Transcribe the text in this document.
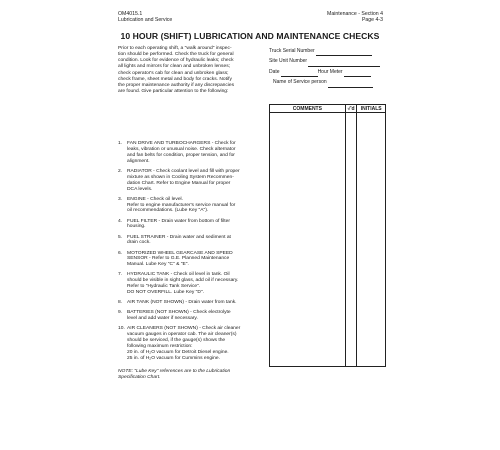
OM4015.1
Lubrication and Service
Maintenance - Section 4
Page 4-3
10 HOUR (SHIFT) LUBRICATION AND MAINTENANCE CHECKS
Prior to each operating shift, a "walk around" inspec-
tion should be performed. Check the truck for general
condition. Look for evidence of hydraulic leaks; check
all lights and mirrors for clean and unbroken lenses;
check operator's cab for clean and unbroken glass;
check frame, sheet metal and body for cracks. Notify
the proper maintenance authority if any discrepancies
are found. Give particular attention to the following:
1. FAN DRIVE AND TURBOCHARGERS - Check for
leaks, vibration or unusual noise. Check alternator
and fan belts for condition, proper tension, and for
alignment.
2. RADIATOR - Check coolant level and fill with proper
mixture as shown in Cooling System Recommen-
dation Chart. Refer to Engine Manual for proper
DCA levels.
3. ENGINE - Check oil level.
Refer to engine manufacturer's service manual for
oil recommendations. (Lube Key "A").
4. FUEL FILTER - Drain water from bottom of filter
housing.
5. FUEL STRAINER - Drain water and sediment at
drain cock.
6. MOTORIZED WHEEL GEARCASE AND SPEED
SENSOR - Refer to G.E. Planned Maintenance
Manual. Lube Key "C" & "E".
7. HYDRAULIC TANK - Check oil level in tank. Oil
should be visible in sight glass, add oil if necessary.
Refer to "Hydraulic Tank Service".
DO NOT OVERFILL. Lube Key "D".
8. AIR TANK (NOT SHOWN) - Drain water from tank.
9. BATTERIES (NOT SHOWN) - Check electrolyte
level and add water if necessary.
10. AIR CLEANERS (NOT SHOWN) - Check air cleaner
vacuum gauges in operator cab. The air cleaner(s)
should be serviced, if the gauge(s) shows the
following maximum restriction:
20 in. of H₂O vacuum for Detroit Diesel engine.
25 in. of H₂O vacuum for Cummins engine.
NOTE: "Lube Key" references are to the Lubrication
Specification Chart.
Truck Serial Number
Site Unit Number
Date	Hour Meter
Name of Service person
COMMENTS	√'d	INITIALS
